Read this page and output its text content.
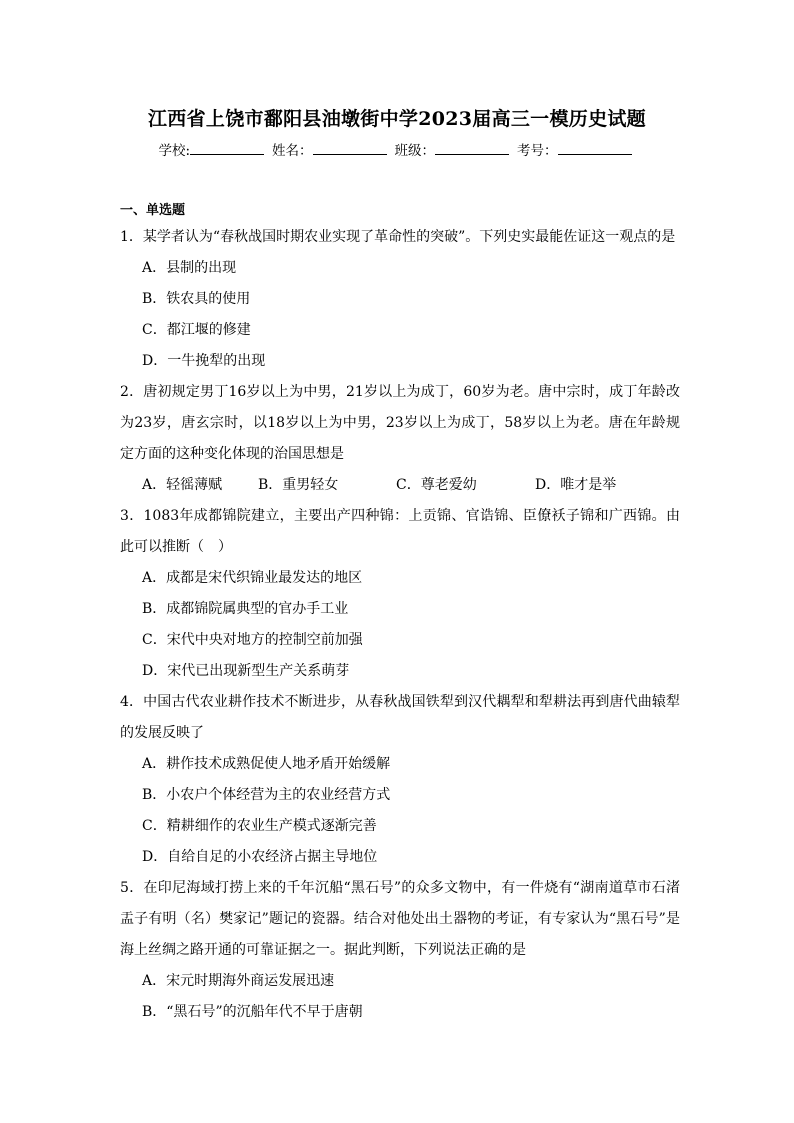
江西省上饶市鄱阳县油墩街中学2023届高三一模历史试题
学校:	姓名：	班级：	考号：
一、单选题
1．某学者认为“春秋战国时期农业实现了革命性的突破”。下列史实最能佐证这一观点的是
A．县制的出现
B．铁农具的使用
C．都江堰的修建
D．一牛挽犁的出现
2．唐初规定男丁16岁以上为中男，21岁以上为成丁，60岁为老。唐中宗时，成丁年龄改为23岁，唐玄宗时，以18岁以上为中男，23岁以上为成丁，58岁以上为老。唐在年龄规定方面的这种变化体现的治国思想是
A．轻徭薄赋	B．重男轻女	C．尊老爱幼	D．唯才是举
3．1083年成都锦院建立，主要出产四种锦：上贡锦、官诰锦、臣僚袄子锦和广西锦。由此可以推断（　）
A．成都是宋代织锦业最发达的地区
B．成都锦院属典型的官办手工业
C．宋代中央对地方的控制空前加强
D．宋代已出现新型生产关系萌芽
4．中国古代农业耕作技术不断进步，从春秋战国铁犁到汉代耦犁和犁耕法再到唐代曲辕犁的发展反映了
A．耕作技术成熟促使人地矛盾开始缓解
B．小农户个体经营为主的农业经营方式
C．精耕细作的农业生产模式逐渐完善
D．自给自足的小农经济占据主导地位
5．在印尼海域打捞上来的千年沉船“黑石号”的众多文物中，有一件烧有“湖南道草市石渚盂子有明（名）樊家记”题记的瓷器。结合对他处出土器物的考证，有专家认为“黑石号”是海上丝绸之路开通的可靠证据之一。据此判断，下列说法正确的是
A．宋元时期海外商运发展迅速
B．“黑石号”的沉船年代不早于唐朝
